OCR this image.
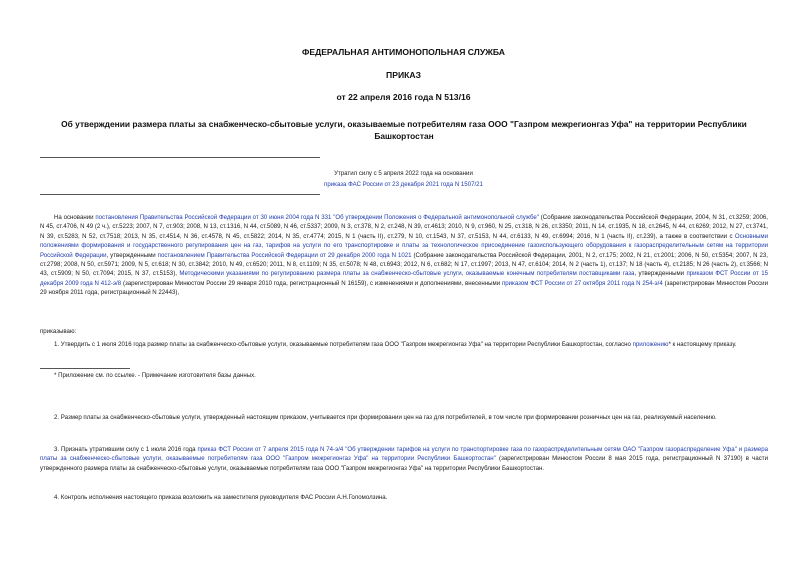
ФЕДЕРАЛЬНАЯ АНТИМОНОПОЛЬНАЯ СЛУЖБА
ПРИКАЗ
от 22 апреля 2016 года N 513/16
Об утверждении размера платы за снабженческо-сбытовые услуги, оказываемые потребителям газа ООО "Газпром межрегионгаз Уфа" на территории Республики Башкортостан
Утратил силу с 5 апреля 2022 года на основании
приказа ФАС России от 23 декабря 2021 года N 1507/21
На основании постановления Правительства Российской Федерации от 30 июня 2004 года N 331 "Об утверждении Положения о Федеральной антимонопольной службе" (Собрание законодательства Российской Федерации, 2004, N 31, ст.3259; 2006, N 45, ст.4706, N 49 (2 ч.), ст.5223; 2007, N 7, ст.903; 2008, N 13, ст.1316, N 44, ст.5089, N 46, ст.5337; 2009, N 3, ст.378, N 2, ст.248, N 39, ст.4613; 2010, N 9, ст.960, N 25, ст.318, N 26, ст.3350; 2011, N 14, ст.1935, N 18, ст.2645, N 44, ст.6269; 2012, N 27, ст.3741, N 39, ст.5283, N 52, ст.7518; 2013, N 35, ст.4514, N 36, ст.4578, N 45, ст.5822; 2014, N 35, ст.4774; 2015, N 1 (часть II), ст.279, N 10, ст.1543, N 37, ст.5153, N 44, ст.6133, N 49, ст.6994; 2016, N 1 (часть II), ст.239), а также в соответствии с Основными положениями формирования и государственного регулирования цен на газ, тарифов на услуги по его транспортировке и платы за технологическое присоединение газоиспользующего оборудования к газораспределительным сетям на территории Российской Федерации, утвержденными постановлением Правительства Российской Федерации от 29 декабря 2000 года N 1021 (Собрание законодательства Российской Федерации, 2001, N 2, ст.175; 2002, N 21, ст.2001; 2006, N 50, ст.5354; 2007, N 23, ст.2798; 2008, N 50, ст.5971; 2009, N 5, ст.618; N 30, ст.3842; 2010, N 49, ст.6520; 2011, N 8, ст.1109; N 35, ст.5078; N 48, ст.6943; 2012, N 6, ст.682; N 17, ст.1997; 2013, N 47, ст.6104; 2014, N 2 (часть 1), ст.137; N 18 (часть 4), ст.2185; N 26 (часть 2), ст.3566; N 43, ст.5909; N 50, ст.7094; 2015, N 37, ст.5153), Методическими указаниями по регулированию размера платы за снабженческо-сбытовые услуги, оказываемые конечным потребителям поставщиками газа, утвержденными приказом ФСТ России от 15 декабря 2009 года N 412-э/8 (зарегистрирован Минюстом России 29 января 2010 года, регистрационный N 16159), с изменениями и дополнениями, внесенными приказом ФСТ России от 27 октября 2011 года N 254-э/4 (зарегистрирован Минюстом России 29 ноября 2011 года, регистрационный N 22443),
приказываю:
1. Утвердить с 1 июля 2016 года размер платы за снабженческо-сбытовые услуги, оказываемые потребителям газа ООО "Газпром межрегионгаз Уфа" на территории Республики Башкортостан, согласно приложению* к настоящему приказу.
* Приложение см. по ссылке. - Примечание изготовителя базы данных.
2. Размер платы за снабженческо-сбытовые услуги, утвержденный настоящим приказом, учитывается при формировании цен на газ для потребителей, в том числе при формировании розничных цен на газ, реализуемый населению.
3. Признать утратившим силу с 1 июля 2016 года приказ ФСТ России от 7 апреля 2015 года N 74-э/4 "Об утверждении тарифов на услуги по транспортировке газа по газораспределительным сетям ОАО "Газпром газораспределение Уфа" и размера платы за снабженческо-сбытовые услуги, оказываемые потребителям газа ООО "Газпром межрегионгаз Уфа" на территории Республики Башкортостан" (зарегистрирован Минюстом России 8 мая 2015 года, регистрационный N 37190) в части утвержденного размера платы за снабженческо-сбытовые услуги, оказываемые потребителям газа ООО "Газпром межрегионгаз Уфа" на территории Республики Башкортостан.
4. Контроль исполнения настоящего приказа возложить на заместителя руководителя ФАС России А.Н.Голомолзина.
